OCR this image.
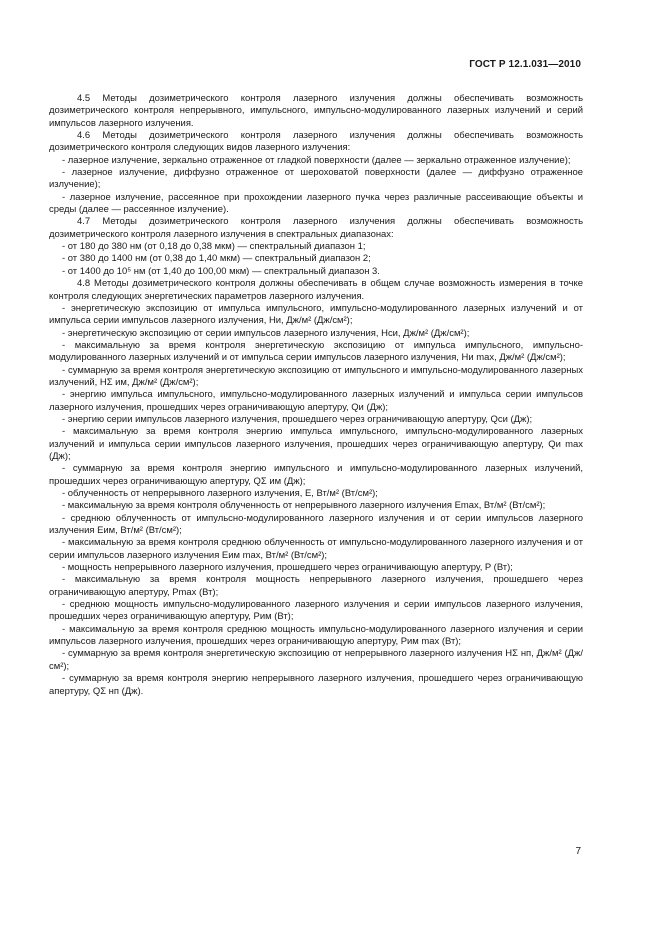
ГОСТ Р 12.1.031—2010

4.5 Методы дозиметрического контроля лазерного излучения должны обеспечивать возможность дозиметрического контроля непрерывного, импульсного, импульсно-модулированного лазерных излучений и серий импульсов лазерного излучения.

4.6 Методы дозиметрического контроля лазерного излучения должны обеспечивать возможность дозиметрического контроля следующих видов лазерного излучения:

- лазерное излучение, зеркально отраженное от гладкой поверхности (далее — зеркально отраженное излучение);

- лазерное излучение, диффузно отраженное от шероховатой поверхности (далее — диффузно отраженное излучение);

- лазерное излучение, рассеянное при прохождении лазерного пучка через различные рассеивающие объекты и среды (далее — рассеянное излучение).

4.7 Методы дозиметрического контроля лазерного излучения должны обеспечивать возможность дозиметрического контроля лазерного излучения в спектральных диапазонах:

- от 180 до 380 нм (от 0,18 до 0,38 мкм) — спектральный диапазон 1;

- от 380 до 1400 нм (от 0,38 до 1,40 мкм) — спектральный диапазон 2;

- от 1400 до 10⁵ нм (от 1,40 до 100,00 мкм) — спектральный диапазон 3.

4.8 Методы дозиметрического контроля должны обеспечивать в общем случае возможность измерения в точке контроля следующих энергетических параметров лазерного излучения.

- энергетическую экспозицию от импульса импульсного, импульсно-модулированного лазерных излучений и от импульса серии импульсов лазерного излучения, Hи, Дж/м² (Дж/см²);

- энергетическую экспозицию от серии импульсов лазерного излучения, Hси, Дж/м² (Дж/см²);

- максимальную за время контроля энергетическую экспозицию от импульса импульсного, импульсно-модулированного лазерных излучений и от импульса серии импульсов лазерного излучения, Hи max, Дж/м² (Дж/см²);

- суммарную за время контроля энергетическую экспозицию от импульсного и импульсно-модулированного лазерных излучений, HΣ им, Дж/м² (Дж/см²);

- энергию импульса импульсного, импульсно-модулированного лазерных излучений и импульса серии импульсов лазерного излучения, прошедших через ограничивающую апертуру, Qи (Дж);

- энергию серии импульсов лазерного излучения, прошедшего через ограничивающую апертуру, Qси (Дж);

- максимальную за время контроля энергию импульса импульсного, импульсно-модулированного лазерных излучений и импульса серии импульсов лазерного излучения, прошедших через ограничивающую апертуру, Qи max (Дж);

- суммарную за время контроля энергию импульсного и импульсно-модулированного лазерных излучений, прошедших через ограничивающую апертуру, QΣ им (Дж);

- облученность от непрерывного лазерного излучения, E, Вт/м² (Вт/см²);

- максимальную за время контроля облученность от непрерывного лазерного излучения Emax, Вт/м² (Вт/см²);

- среднюю облученность от импульсно-модулированного лазерного излучения и от серии импульсов лазерного излучения Eим, Вт/м² (Вт/см²);

- максимальную за время контроля среднюю облученность от импульсно-модулированного лазерного излучения и от серии импульсов лазерного излучения Eим max, Вт/м² (Вт/см²);

- мощность непрерывного лазерного излучения, прошедшего через ограничивающую апертуру, P (Вт);

- максимальную за время контроля мощность непрерывного лазерного излучения, прошедшего через ограничивающую апертуру, Pmax (Вт);

- среднюю мощность импульсно-модулированного лазерного излучения и серии импульсов лазерного излучения, прошедших через ограничивающую апертуру, Pим (Вт);

- максимальную за время контроля среднюю мощность импульсно-модулированного лазерного излучения и серии импульсов лазерного излучения, прошедших через ограничивающую апертуру, Pим max (Вт);

- суммарную за время контроля энергетическую экспозицию от непрерывного лазерного излучения HΣ нп, Дж/м² (Дж/см²);

- суммарную за время контроля энергию непрерывного лазерного излучения, прошедшего через ограничивающую апертуру, QΣ нп (Дж).

7
